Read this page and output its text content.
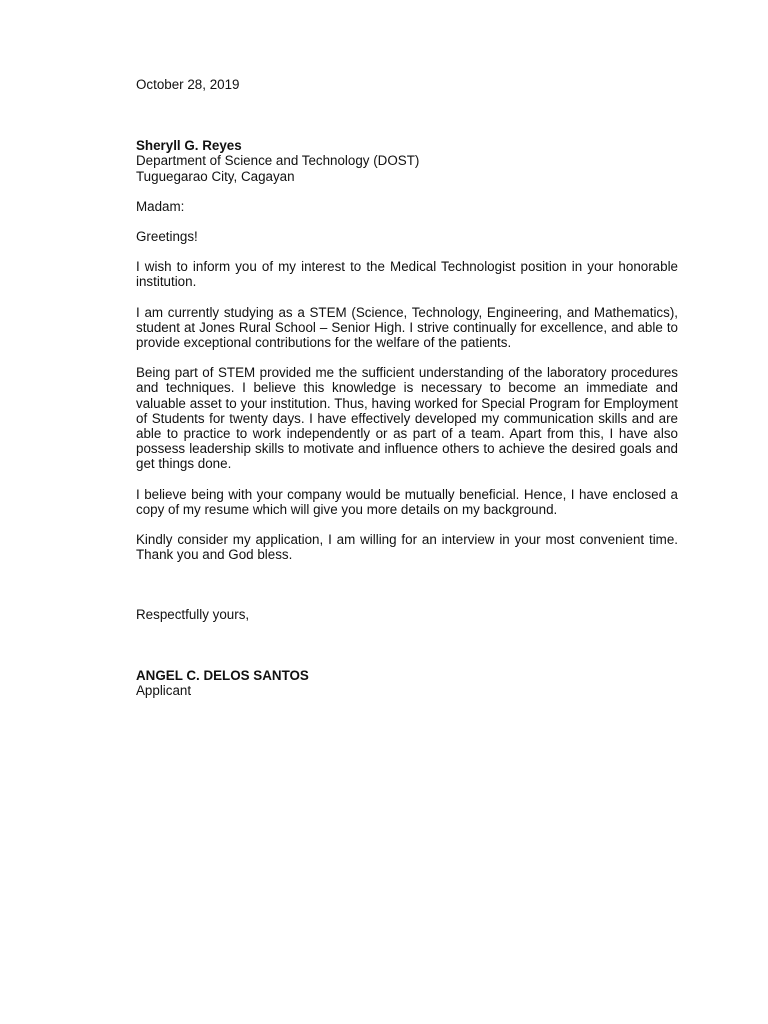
October 28, 2019

Sheryll G. Reyes

Department of Science and Technology (DOST)

Tuguegarao City, Cagayan

Madam:

Greetings!

I wish to inform you of my interest to the Medical Technologist position in your honorable institution.

I am currently studying as a STEM (Science, Technology, Engineering, and Mathematics), student at Jones Rural School – Senior High. I strive continually for excellence, and able to provide exceptional contributions for the welfare of the patients.

Being part of STEM provided me the sufficient understanding of the laboratory procedures and techniques. I believe this knowledge is necessary to become an immediate and valuable asset to your institution. Thus, having worked for Special Program for Employment of Students for twenty days. I have effectively developed my communication skills and are able to practice to work independently or as part of a team. Apart from this, I have also possess leadership skills to motivate and influence others to achieve the desired goals and get things done.

I believe being with your company would be mutually beneficial. Hence, I have enclosed a copy of my resume which will give you more details on my background.

Kindly consider my application, I am willing for an interview in your most convenient time. Thank you and God bless.

Respectfully yours,

ANGEL C. DELOS SANTOS

Applicant
